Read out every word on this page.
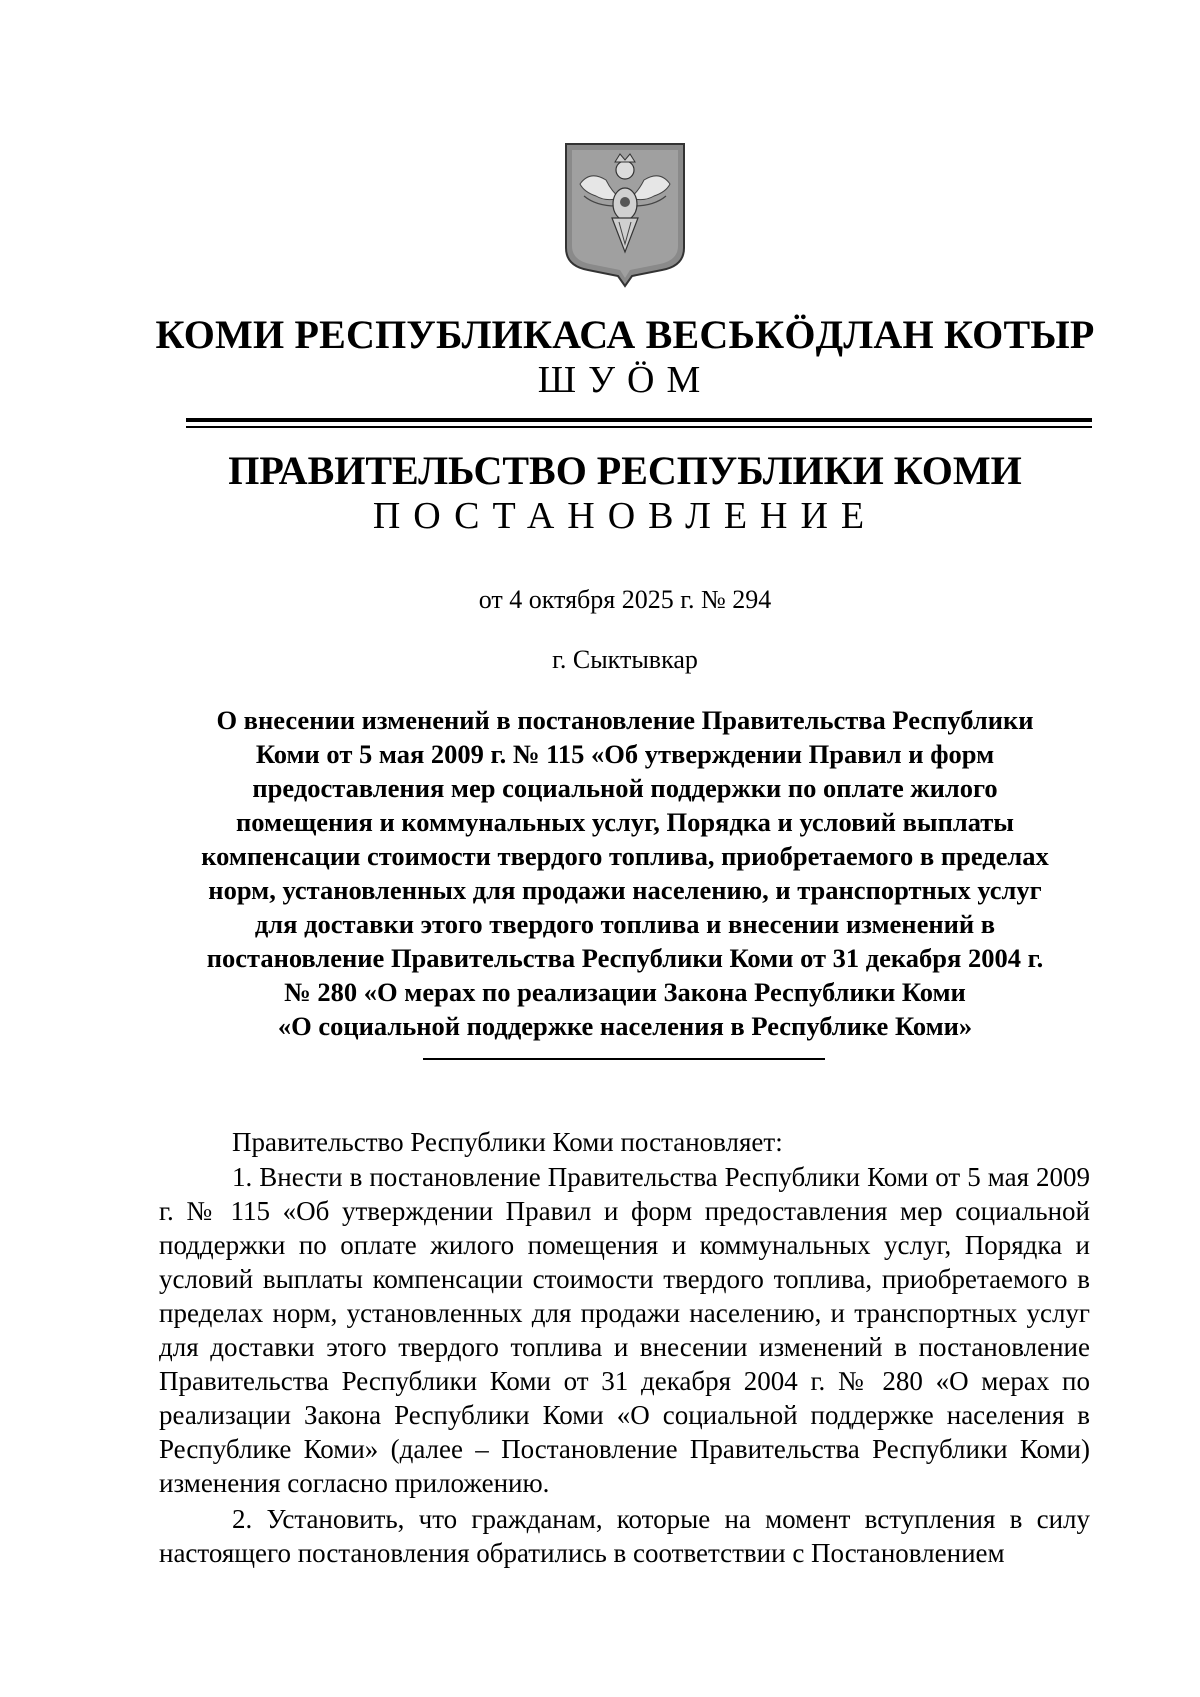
КОМИ РЕСПУБЛИКАСА ВЕСЬКÖДЛАН КОТЫР
ШУÖМ
ПРАВИТЕЛЬСТВО РЕСПУБЛИКИ КОМИ
ПОСТАНОВЛЕНИЕ
от 4 октября 2025 г. № 294
г. Сыктывкар
О внесении изменений в постановление Правительства Республики
Коми от 5 мая 2009 г. № 115 «Об утверждении Правил и форм
предоставления мер социальной поддержки по оплате жилого
помещения и коммунальных услуг, Порядка и условий выплаты
компенсации стоимости твердого топлива, приобретаемого в пределах
норм, установленных для продажи населению, и транспортных услуг
для доставки этого твердого топлива и внесении изменений в
постановление Правительства Республики Коми от 31 декабря 2004 г.
№ 280 «О мерах по реализации Закона Республики Коми
«О социальной поддержке населения в Республике Коми»
Правительство Республики Коми постановляет:
1. Внести в постановление Правительства Республики Коми от 5 мая 2009 г. № 115 «Об утверждении Правил и форм предоставления мер социальной поддержки по оплате жилого помещения и коммунальных услуг, Порядка и условий выплаты компенсации стоимости твердого топлива, приобретаемого в пределах норм, установленных для продажи населению, и транспортных услуг для доставки этого твердого топлива и внесении изменений в постановление Правительства Республики Коми от 31 декабря 2004 г. № 280 «О мерах по реализации Закона Республики Коми «О социальной поддержке населения в Республике Коми» (далее – Постановление Правительства Республики Коми) изменения согласно приложению.
2. Установить, что гражданам, которые на момент вступления в силу настоящего постановления обратились в соответствии с Постановлением
